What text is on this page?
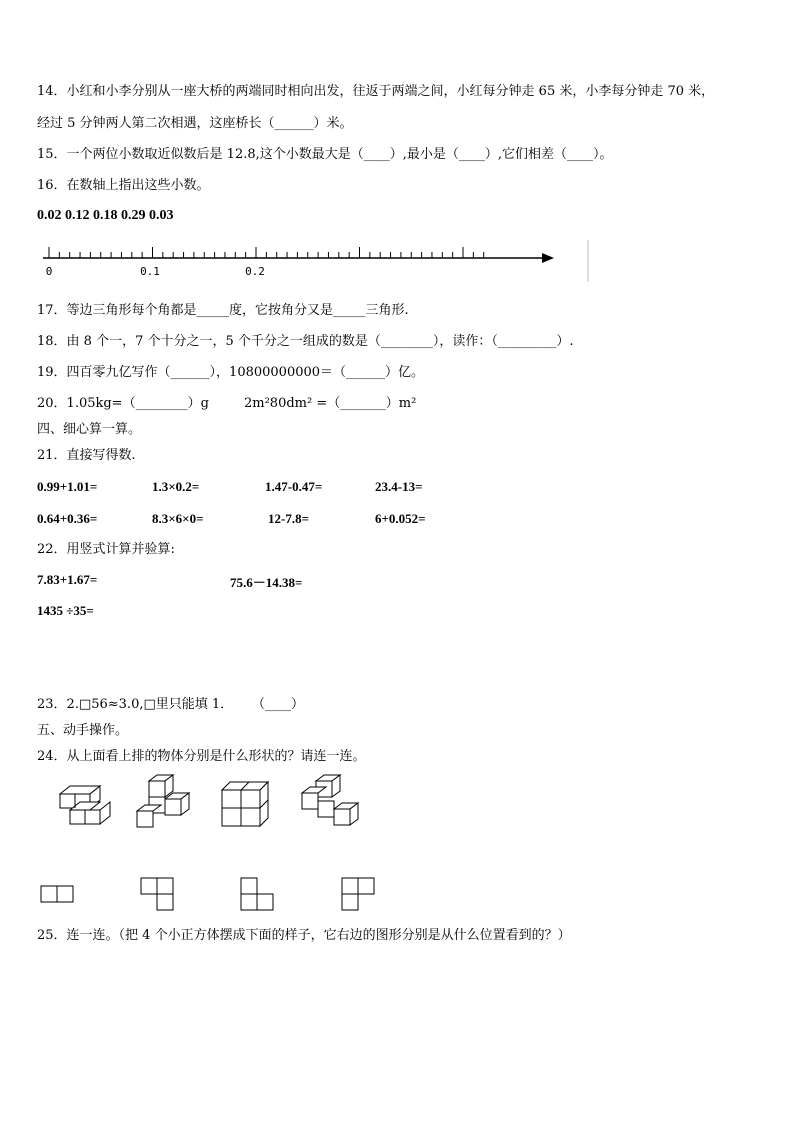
14．小红和小李分别从一座大桥的两端同时相向出发，往返于两端之间，小红每分钟走 65 米，小李每分钟走 70 米，
经过 5 分钟两人第二次相遇，这座桥长（______）米。
15．一个两位小数取近似数后是 12.8,这个小数最大是（____）,最小是（____）,它们相差（____）。
16．在数轴上指出这些小数。
0.02 0.12 0.18 0.29 0.03
0	0.1	0.2
17．等边三角形每个角都是_____度，它按角分又是_____三角形.
18．由 8 个一，7 个十分之一，5 个千分之一组成的数是（________），读作：（_________）.
19．四百零九亿写作（______），10800000000＝（______）亿。
20．1.05kg=（________）g	2m²80dm² =（_______）m²
四、细心算一算。
21．直接写得数.
0.99+1.01=	1.3×0.2=	1.47-0.47=	23.4-13=
0.64+0.36=	8.3×6×0=	12-7.8=	6+0.052=
22．用竖式计算并验算:
7.83+1.67=	75.6－14.38=
1435 ÷35=
23．2.□56≈3.0,□里只能填 1． （____）
五、动手操作。
24．从上面看上排的物体分别是什么形状的？请连一连。
25．连一连。（把 4 个小正方体摆成下面的样子，它右边的图形分别是从什么位置看到的？）
